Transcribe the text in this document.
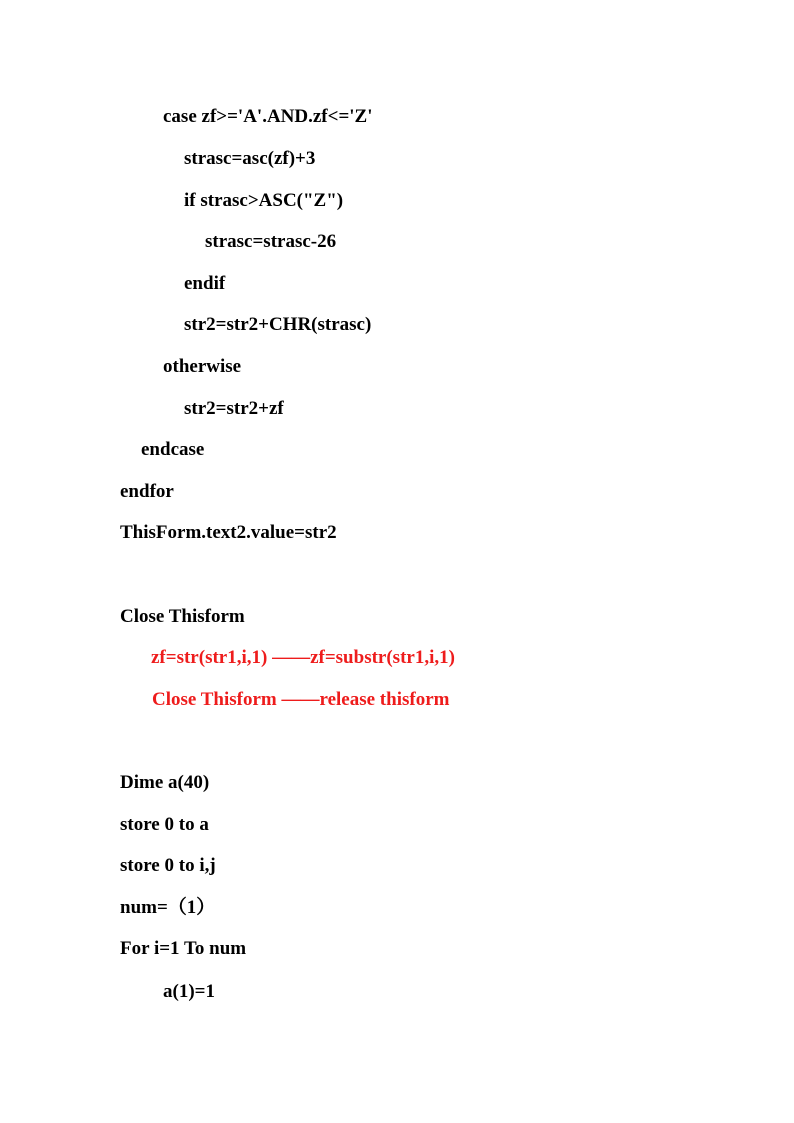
case zf>='A'.AND.zf<='Z'
strasc=asc(zf)+3
if strasc>ASC("Z")
strasc=strasc-26
endif
str2=str2+CHR(strasc)
otherwise
str2=str2+zf
endcase
endfor
ThisForm.text2.value=str2
Close Thisform
zf=str(str1,i,1) ——zf=substr(str1,i,1)
Close Thisform ——release thisform
Dime a(40)
store 0 to a
store 0 to i,j
num=（1）
For i=1 To num
a(1)=1
